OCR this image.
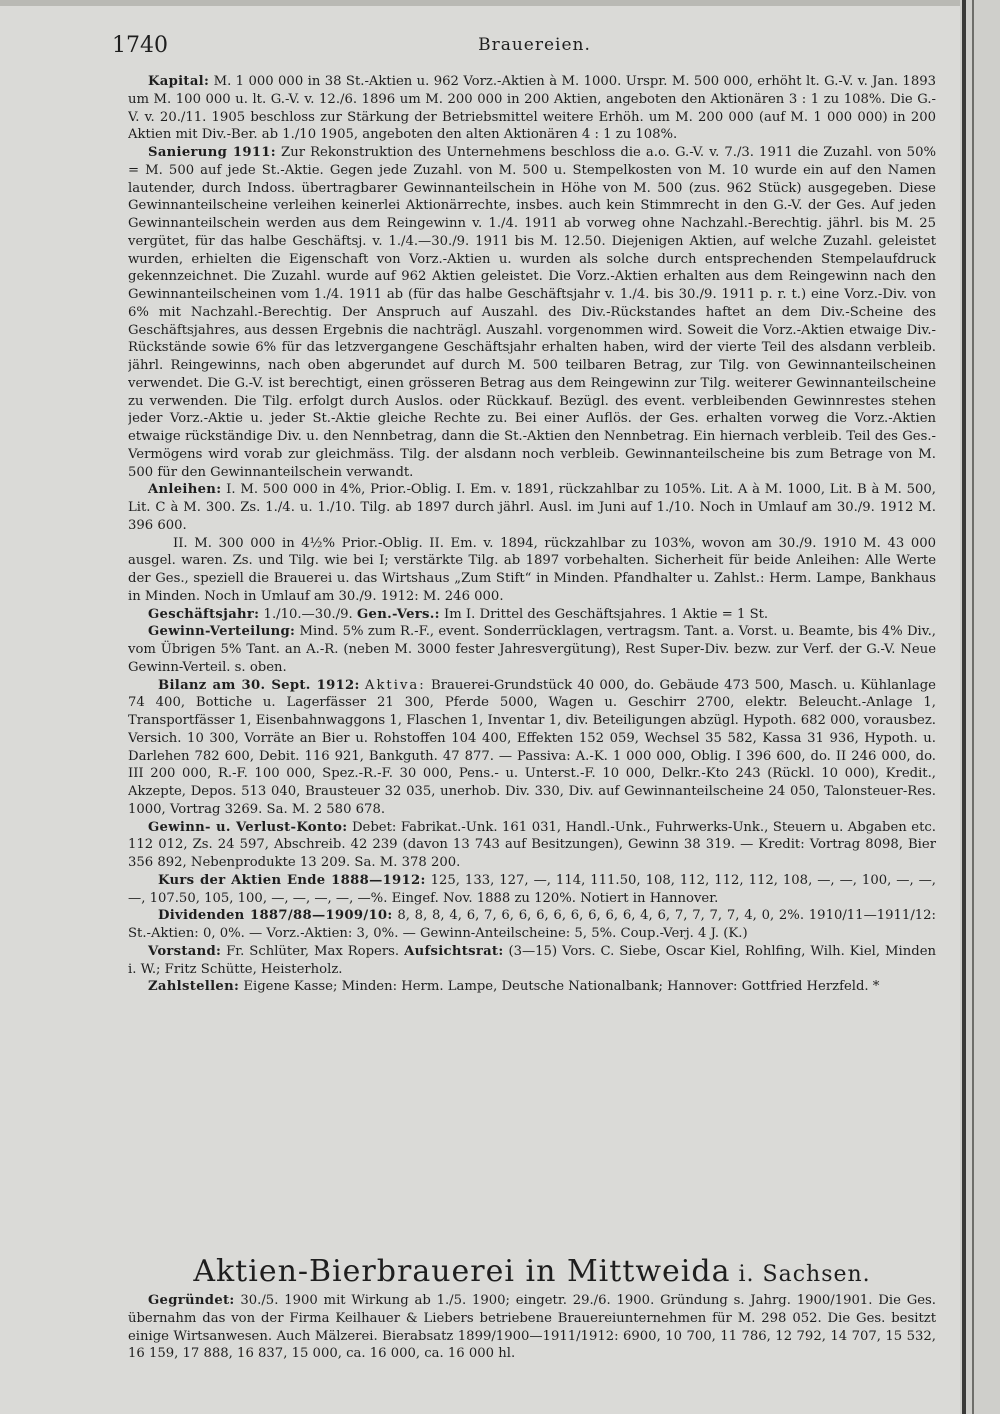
1740	Brauereien.

Kapital: M. 1 000 000 in 38 St.-Aktien u. 962 Vorz.-Aktien à M. 1000. Urspr. M. 500 000, erhöht lt. G.-V. v. Jan. 1893 um M. 100 000 u. lt. G.-V. v. 12./6. 1896 um M. 200 000 in 200 Aktien, angeboten den Aktionären 3 : 1 zu 108%. Die G.-V. v. 20./11. 1905 beschloss zur Stärkung der Betriebsmittel weitere Erhöh. um M. 200 000 (auf M. 1 000 000) in 200 Aktien mit Div.-Ber. ab 1./10 1905, angeboten den alten Aktionären 4 : 1 zu 108%.

Sanierung 1911: Zur Rekonstruktion des Unternehmens beschloss die a.o. G.-V. v. 7./3. 1911 die Zuzahl. von 50% = M. 500 auf jede St.-Aktie. Gegen jede Zuzahl. von M. 500 u. Stempelkosten von M. 10 wurde ein auf den Namen lautender, durch Indoss. übertragbarer Gewinnanteilschein in Höhe von M. 500 (zus. 962 Stück) ausgegeben. Diese Gewinnanteilscheine verleihen keinerlei Aktionärrechte, insbes. auch kein Stimmrecht in den G.-V. der Ges. Auf jeden Gewinnanteilschein werden aus dem Reingewinn v. 1./4. 1911 ab vorweg ohne Nachzahl.-Berechtig. jährl. bis M. 25 vergütet, für das halbe Geschäftsj. v. 1./4.—30./9. 1911 bis M. 12.50. Diejenigen Aktien, auf welche Zuzahl. geleistet wurden, erhielten die Eigenschaft von Vorz.-Aktien u. wurden als solche durch entsprechenden Stempelaufdruck gekennzeichnet. Die Zuzahl. wurde auf 962 Aktien geleistet. Die Vorz.-Aktien erhalten aus dem Reingewinn nach den Gewinnanteilscheinen vom 1./4. 1911 ab (für das halbe Geschäftsjahr v. 1./4. bis 30./9. 1911 p. r. t.) eine Vorz.-Div. von 6% mit Nachzahl.-Berechtig. Der Anspruch auf Auszahl. des Div.-Rückstandes haftet an dem Div.-Scheine des Geschäftsjahres, aus dessen Ergebnis die nachträgl. Auszahl. vorgenommen wird. Soweit die Vorz.-Aktien etwaige Div.-Rückstände sowie 6% für das letzvergangene Geschäftsjahr erhalten haben, wird der vierte Teil des alsdann verbleib. jährl. Reingewinns, nach oben abgerundet auf durch M. 500 teilbaren Betrag, zur Tilg. von Gewinnanteilscheinen verwendet. Die G.-V. ist berechtigt, einen grösseren Betrag aus dem Reingewinn zur Tilg. weiterer Gewinnanteilscheine zu verwenden. Die Tilg. erfolgt durch Auslos. oder Rückkauf. Bezügl. des event. verbleibenden Gewinnrestes stehen jeder Vorz.-Aktie u. jeder St.-Aktie gleiche Rechte zu. Bei einer Auflös. der Ges. erhalten vorweg die Vorz.-Aktien etwaige rückständige Div. u. den Nennbetrag, dann die St.-Aktien den Nennbetrag. Ein hiernach verbleib. Teil des Ges.-Vermögens wird vorab zur gleichmäss. Tilg. der alsdann noch verbleib. Gewinnanteilscheine bis zum Betrage von M. 500 für den Gewinnanteilschein verwandt.

Anleihen: I. M. 500 000 in 4%, Prior.-Oblig. I. Em. v. 1891, rückzahlbar zu 105%. Lit. A à M. 1000, Lit. B à M. 500, Lit. C à M. 300. Zs. 1./4. u. 1./10. Tilg. ab 1897 durch jährl. Ausl. im Juni auf 1./10. Noch in Umlauf am 30./9. 1912 M. 396 600.

II. M. 300 000 in 4½% Prior.-Oblig. II. Em. v. 1894, rückzahlbar zu 103%, wovon am 30./9. 1910 M. 43 000 ausgel. waren. Zs. und Tilg. wie bei I; verstärkte Tilg. ab 1897 vorbehalten. Sicherheit für beide Anleihen: Alle Werte der Ges., speziell die Brauerei u. das Wirtshaus „Zum Stift“ in Minden. Pfandhalter u. Zahlst.: Herm. Lampe, Bankhaus in Minden. Noch in Umlauf am 30./9. 1912: M. 246 000.

Geschäftsjahr: 1./10.—30./9. Gen.-Vers.: Im I. Drittel des Geschäftsjahres. 1 Aktie = 1 St.

Gewinn-Verteilung: Mind. 5% zum R.-F., event. Sonderrücklagen, vertragsm. Tant. a. Vorst. u. Beamte, bis 4% Div., vom Übrigen 5% Tant. an A.-R. (neben M. 3000 fester Jahresvergütung), Rest Super-Div. bezw. zur Verf. der G.-V. Neue Gewinn-Verteil. s. oben.

Bilanz am 30. Sept. 1912: Aktiva: Brauerei-Grundstück 40 000, do. Gebäude 473 500, Masch. u. Kühlanlage 74 400, Bottiche u. Lagerfässer 21 300, Pferde 5000, Wagen u. Geschirr 2700, elektr. Beleucht.-Anlage 1, Transportfässer 1, Eisenbahnwaggons 1, Flaschen 1, Inventar 1, div. Beteiligungen abzügl. Hypoth. 682 000, vorausbez. Versich. 10 300, Vorräte an Bier u. Rohstoffen 104 400, Effekten 152 059, Wechsel 35 582, Kassa 31 936, Hypoth. u. Darlehen 782 600, Debit. 116 921, Bankguth. 47 877. — Passiva: A.-K. 1 000 000, Oblig. I 396 600, do. II 246 000, do. III 200 000, R.-F. 100 000, Spez.-R.-F. 30 000, Pens.- u. Unterst.-F. 10 000, Delkr.-Kto 243 (Rückl. 10 000), Kredit., Akzepte, Depos. 513 040, Brausteuer 32 035, unerhob. Div. 330, Div. auf Gewinnanteilscheine 24 050, Talonsteuer-Res. 1000, Vortrag 3269. Sa. M. 2 580 678.

Gewinn- u. Verlust-Konto: Debet: Fabrikat.-Unk. 161 031, Handl.-Unk., Fuhrwerks-Unk., Steuern u. Abgaben etc. 112 012, Zs. 24 597, Abschreib. 42 239 (davon 13 743 auf Besitzungen), Gewinn 38 319. — Kredit: Vortrag 8098, Bier 356 892, Nebenprodukte 13 209. Sa. M. 378 200.

Kurs der Aktien Ende 1888—1912: 125, 133, 127, —, 114, 111.50, 108, 112, 112, 112, 108, —, —, 100, —, —, —, 107.50, 105, 100, —, —, —, —, —%. Eingef. Nov. 1888 zu 120%. Notiert in Hannover.

Dividenden 1887/88—1909/10: 8, 8, 8, 4, 6, 7, 6, 6, 6, 6, 6, 6, 6, 6, 4, 6, 7, 7, 7, 7, 4, 0, 2%. 1910/11—1911/12: St.-Aktien: 0, 0%. — Vorz.-Aktien: 3, 0%. — Gewinn-Anteilscheine: 5, 5%. Coup.-Verj. 4 J. (K.)

Vorstand: Fr. Schlüter, Max Ropers. Aufsichtsrat: (3—15) Vors. C. Siebe, Oscar Kiel, Rohlfing, Wilh. Kiel, Minden i. W.; Fritz Schütte, Heisterholz.

Zahlstellen: Eigene Kasse; Minden: Herm. Lampe, Deutsche Nationalbank; Hannover: Gottfried Herzfeld. *

Aktien-Bierbrauerei in Mittweida i. Sachsen.

Gegründet: 30./5. 1900 mit Wirkung ab 1./5. 1900; eingetr. 29./6. 1900. Gründung s. Jahrg. 1900/1901. Die Ges. übernahm das von der Firma Keilhauer & Liebers betriebene Brauereiunternehmen für M. 298 052. Die Ges. besitzt einige Wirtsanwesen. Auch Mälzerei. Bierabsatz 1899/1900—1911/1912: 6900, 10 700, 11 786, 12 792, 14 707, 15 532, 16 159, 17 888, 16 837, 15 000, ca. 16 000, ca. 16 000 hl.
